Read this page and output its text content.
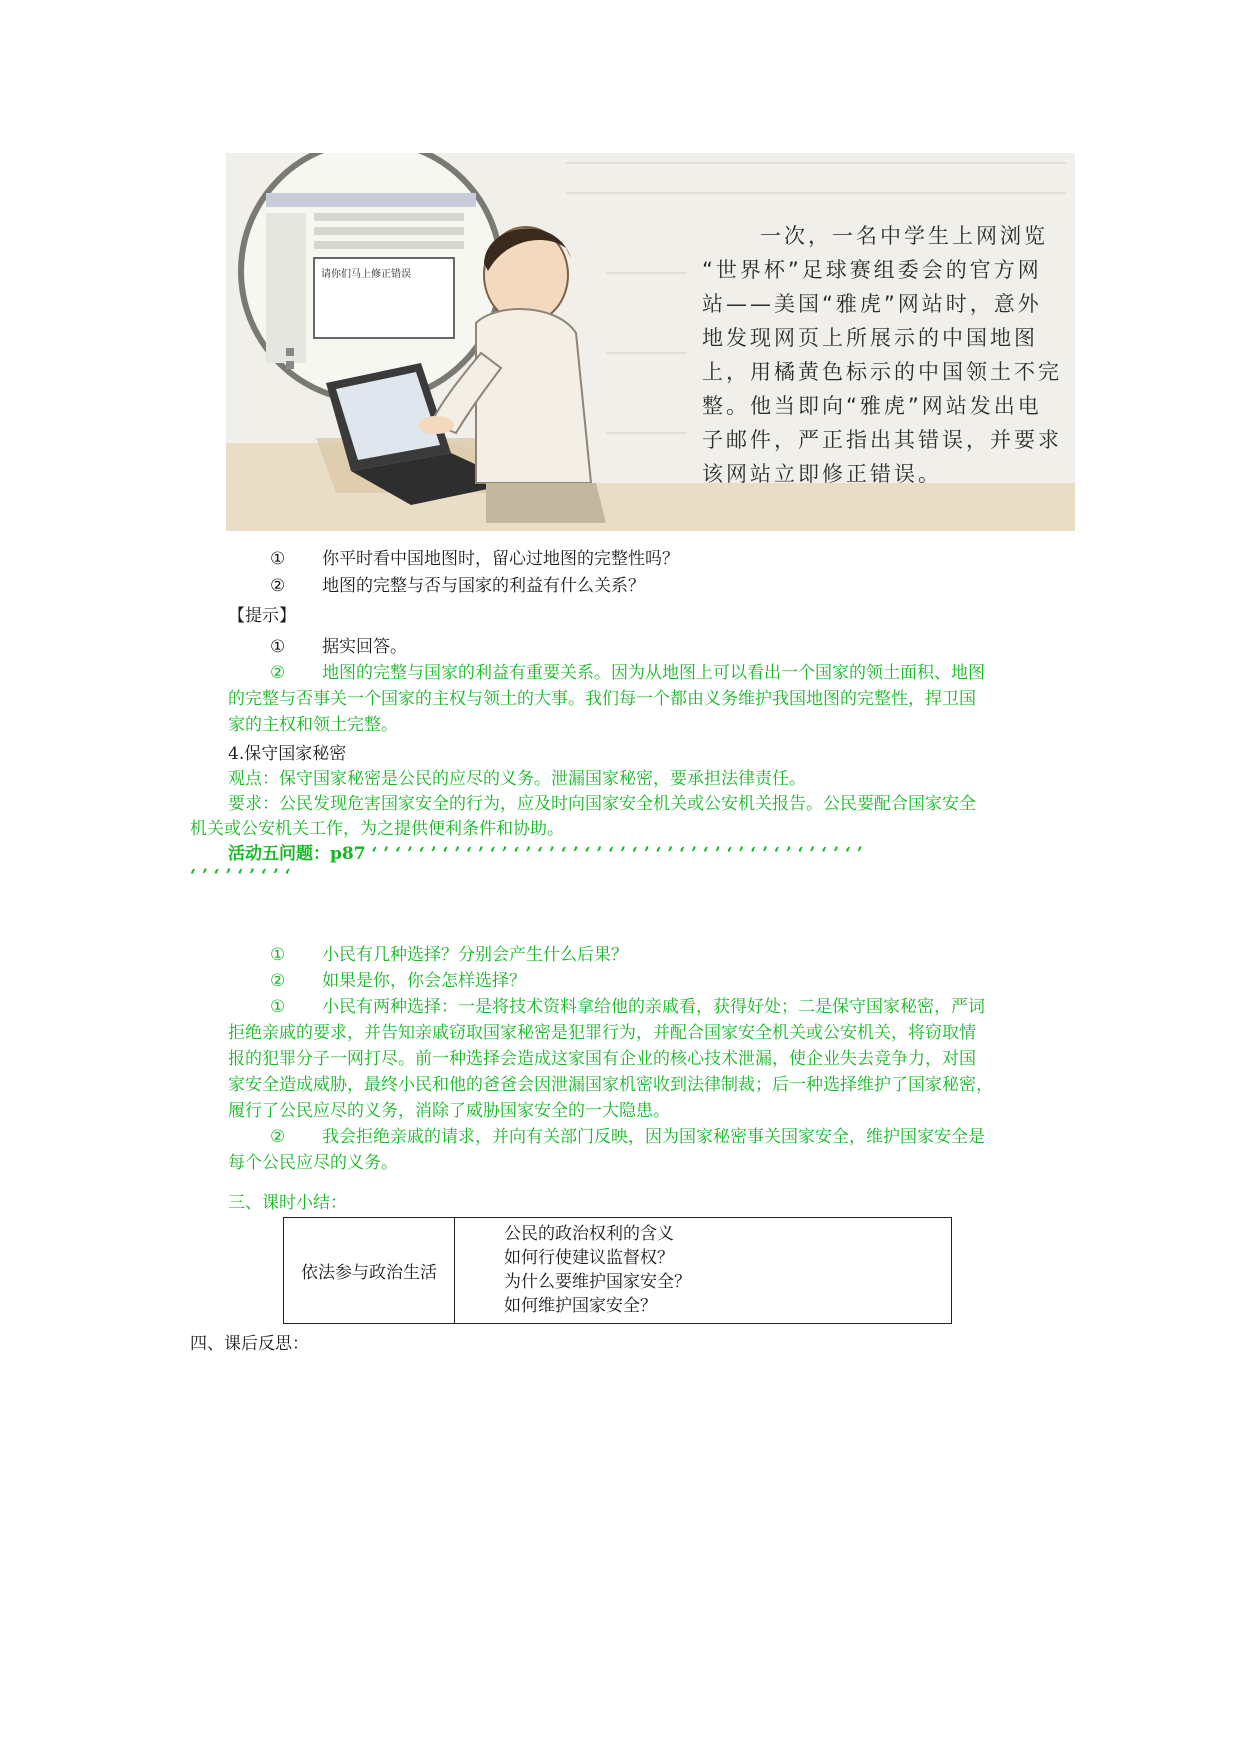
请你们马上修正错误
一次，一名中学生上网浏览
“世界杯”足球赛组委会的官方网
站——美国“雅虎”网站时，意外
地发现网页上所展示的中国地图
上，用橘黄色标示的中国领土不完
整。他当即向“雅虎”网站发出电
子邮件，严正指出其错误，并要求
该网站立即修正错误。
① 你平时看中国地图时，留心过地图的完整性吗？
② 地图的完整与否与国家的利益有什么关系？
【提示】
① 据实回答。
② 地图的完整与国家的利益有重要关系。因为从地图上可以看出一个国家的领土面积、地图
的完整与否事关一个国家的主权与领土的大事。我们每一个都由义务维护我国地图的完整性，捍卫国
家的主权和领土完整。
4.保守国家秘密
观点：保守国家秘密是公民的应尽的义务。泄漏国家秘密，要承担法律责任。
要求：公民发现危害国家安全的行为，应及时向国家安全机关或公安机关报告。公民要配合国家安全
机关或公安机关工作，为之提供便利条件和协助。
活动五问题：p87 ‘ ’ ‘ ’ ‘ ’ ‘ ’ ‘ ’ ‘ ’ ‘ ’ ‘ ’ ‘ ’ ‘ ’ ‘ ’ ‘ ’ ‘ ’ ‘ ’ ‘ ’ ‘ ’ ‘ ’ ‘ ’ ‘ ’ ‘ ’ ‘ ’
‘ ’ ‘ ’ ‘ ’ ‘ ’ ‘
① 小民有几种选择？分别会产生什么后果？
② 如果是你，你会怎样选择？
① 小民有两种选择：一是将技术资料拿给他的亲戚看，获得好处；二是保守国家秘密，严词
拒绝亲戚的要求，并告知亲戚窃取国家秘密是犯罪行为，并配合国家安全机关或公安机关，将窃取情
报的犯罪分子一网打尽。前一种选择会造成这家国有企业的核心技术泄漏，使企业失去竞争力，对国
家安全造成威胁，最终小民和他的爸爸会因泄漏国家机密收到法律制裁；后一种选择维护了国家秘密，
履行了公民应尽的义务，消除了威胁国家安全的一大隐患。
② 我会拒绝亲戚的请求，并向有关部门反映，因为国家秘密事关国家安全，维护国家安全是
每个公民应尽的义务。
三、课时小结：
依法参与政治生活
公民的政治权利的含义
如何行使建议监督权？
为什么要维护国家安全？
如何维护国家安全？
四、课后反思：
